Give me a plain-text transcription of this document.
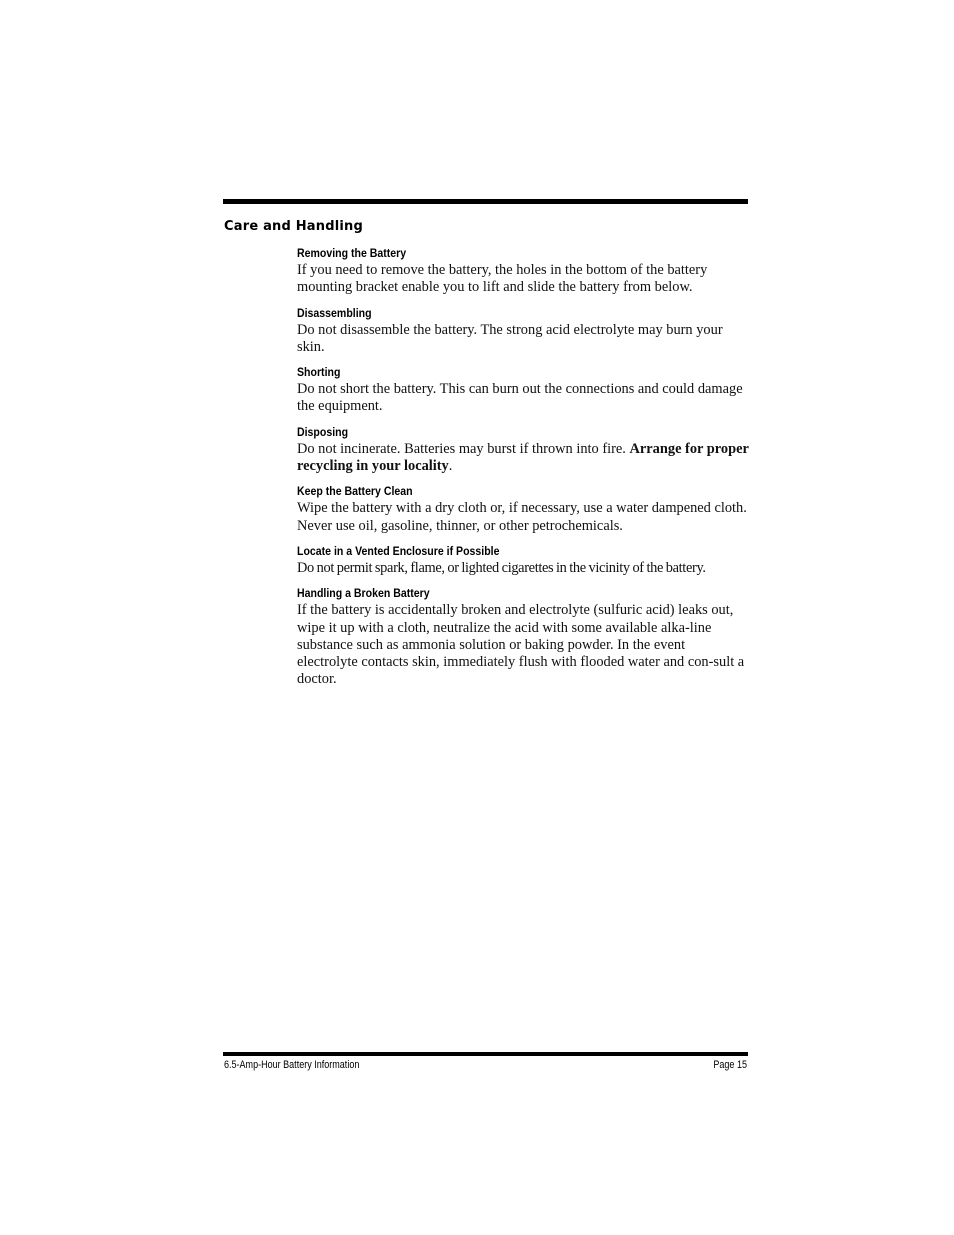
Care and Handling
Removing the Battery

If you need to remove the battery, the holes in the bottom of the battery mounting bracket enable you to lift and slide the battery from below.

Disassembling

Do not disassemble the battery. The strong acid electrolyte may burn your skin.

Shorting

Do not short the battery. This can burn out the connections and could damage the equipment.

Disposing

Do not incinerate. Batteries may burst if thrown into fire. Arrange for proper recycling in your locality.

Keep the Battery Clean

Wipe the battery with a dry cloth or, if necessary, use a water dampened cloth. Never use oil, gasoline, thinner, or other petrochemicals.

Locate in a Vented Enclosure if Possible

Do not permit spark, flame, or lighted cigarettes in the vicinity of the battery.

Handling a Broken Battery

If the battery is accidentally broken and electrolyte (sulfuric acid) leaks out, wipe it up with a cloth, neutralize the acid with some available alka-line substance such as ammonia solution or baking powder. In the event electrolyte contacts skin, immediately flush with flooded water and con-sult a doctor.

6.5-Amp-Hour Battery Information	Page 15
